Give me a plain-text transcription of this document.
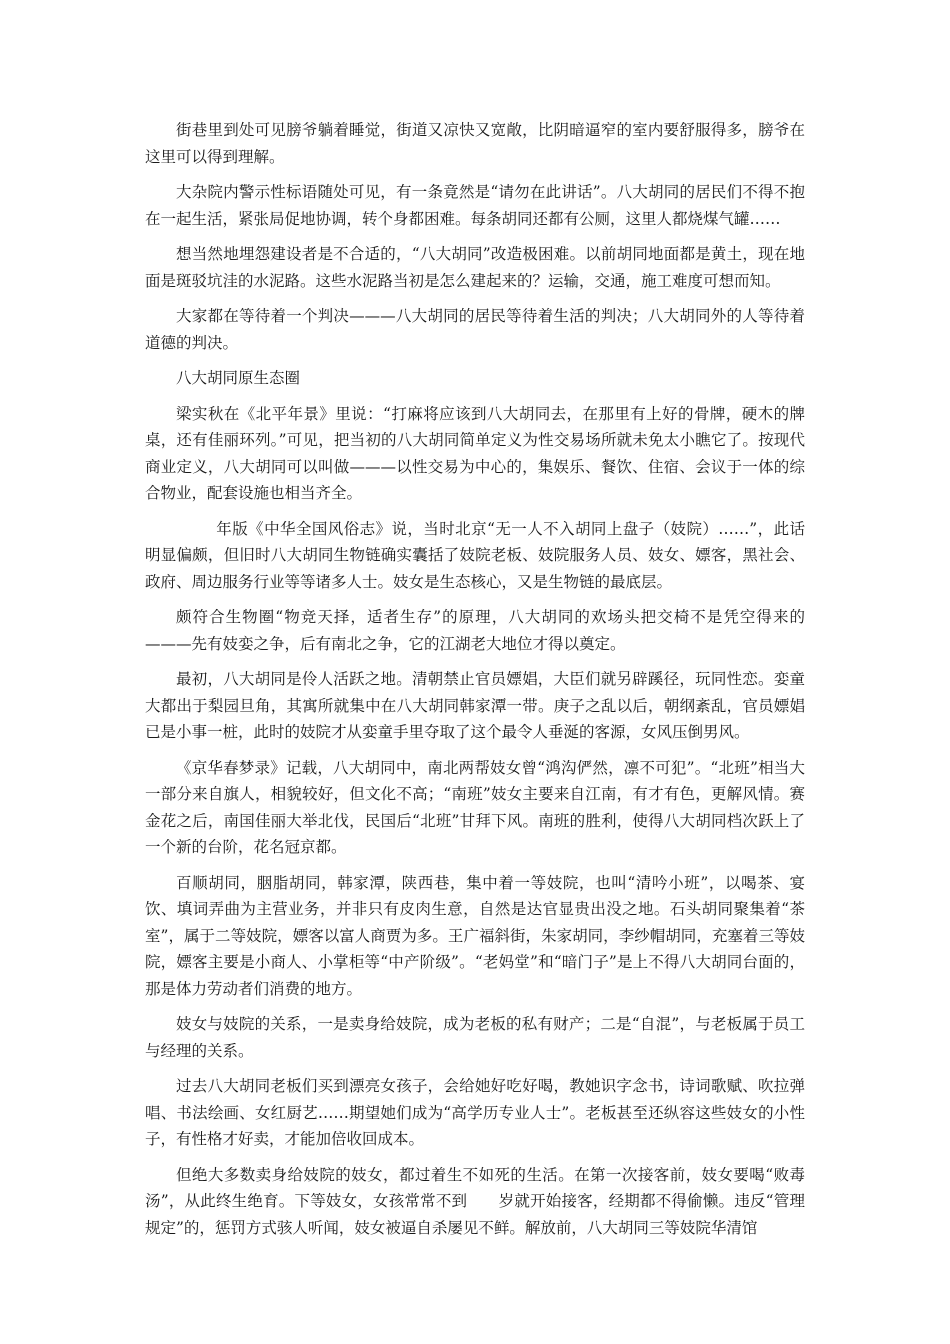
街巷里到处可见膀爷躺着睡觉，街道又凉快又宽敞，比阴暗逼窄的室内要舒服得多，膀爷在这里可以得到理解。

大杂院内警示性标语随处可见，有一条竟然是“请勿在此讲话”。八大胡同的居民们不得不抱在一起生活，紧张局促地协调，转个身都困难。每条胡同还都有公厕，这里人都烧煤气罐……

想当然地埋怨建设者是不合适的，“八大胡同”改造极困难。以前胡同地面都是黄土，现在地面是斑驳坑洼的水泥路。这些水泥路当初是怎么建起来的？运输，交通，施工难度可想而知。

大家都在等待着一个判决———八大胡同的居民等待着生活的判决；八大胡同外的人等待着道德的判决。

八大胡同原生态圈

梁实秋在《北平年景》里说：“打麻将应该到八大胡同去，在那里有上好的骨牌，硬木的牌桌，还有佳丽环列。”可见，把当初的八大胡同简单定义为性交易场所就未免太小瞧它了。按现代商业定义，八大胡同可以叫做———以性交易为中心的，集娱乐、餐饮、住宿、会议于一体的综合物业，配套设施也相当齐全。

年版《中华全国风俗志》说，当时北京“无一人不入胡同上盘子（妓院）……”，此话明显偏颇，但旧时八大胡同生物链确实囊括了妓院老板、妓院服务人员、妓女、嫖客，黑社会、政府、周边服务行业等等诸多人士。妓女是生态核心，又是生物链的最底层。

颇符合生物圈“物竞天择，适者生存”的原理，八大胡同的欢场头把交椅不是凭空得来的———先有妓娈之争，后有南北之争，它的江湖老大地位才得以奠定。

最初，八大胡同是伶人活跃之地。清朝禁止官员嫖娼，大臣们就另辟蹊径，玩同性恋。娈童大都出于梨园旦角，其寓所就集中在八大胡同韩家潭一带。庚子之乱以后，朝纲紊乱，官员嫖娼已是小事一桩，此时的妓院才从娈童手里夺取了这个最令人垂涎的客源，女风压倒男风。

《京华春梦录》记载，八大胡同中，南北两帮妓女曾“鸿沟俨然，凛不可犯”。“北班”相当大一部分来自旗人，相貌较好，但文化不高；“南班”妓女主要来自江南，有才有色，更解风情。赛金花之后，南国佳丽大举北伐，民国后“北班”甘拜下风。南班的胜利，使得八大胡同档次跃上了一个新的台阶，花名冠京都。

百顺胡同，胭脂胡同，韩家潭，陕西巷，集中着一等妓院，也叫“清吟小班”，以喝茶、宴饮、填词弄曲为主营业务，并非只有皮肉生意，自然是达官显贵出没之地。石头胡同聚集着“茶室”，属于二等妓院，嫖客以富人商贾为多。王广福斜街，朱家胡同，李纱帽胡同，充塞着三等妓院，嫖客主要是小商人、小掌柜等“中产阶级”。“老妈堂”和“暗门子”是上不得八大胡同台面的，那是体力劳动者们消费的地方。

妓女与妓院的关系，一是卖身给妓院，成为老板的私有财产；二是“自混”，与老板属于员工与经理的关系。

过去八大胡同老板们买到漂亮女孩子，会给她好吃好喝，教她识字念书，诗词歌赋、吹拉弹唱、书法绘画、女红厨艺……期望她们成为“高学历专业人士”。老板甚至还纵容这些妓女的小性子，有性格才好卖，才能加倍收回成本。

但绝大多数卖身给妓院的妓女，都过着生不如死的生活。在第一次接客前，妓女要喝“败毒汤”，从此终生绝育。下等妓女，女孩常常不到　　岁就开始接客，经期都不得偷懒。违反“管理规定”的，惩罚方式骇人听闻，妓女被逼自杀屡见不鲜。解放前，八大胡同三等妓院华清馆
